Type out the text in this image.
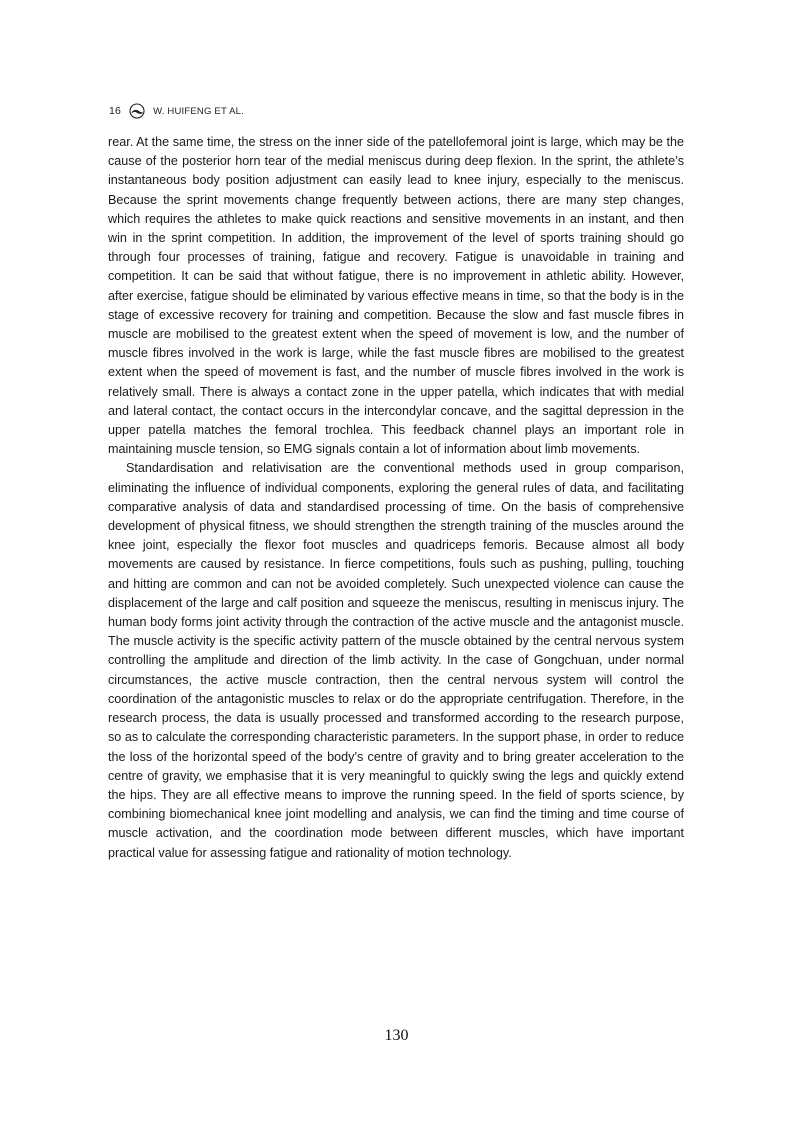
16	W. HUIFENG ET AL.

rear. At the same time, the stress on the inner side of the patellofemoral joint is large, which may be the cause of the posterior horn tear of the medial meniscus during deep flexion. In the sprint, the athlete’s instantaneous body position adjustment can easily lead to knee injury, especially to the meniscus. Because the sprint movements change frequently between actions, there are many step changes, which requires the athletes to make quick reactions and sensitive movements in an instant, and then win in the sprint competition. In addition, the improvement of the level of sports training should go through four processes of training, fatigue and recovery. Fatigue is unavoidable in training and competition. It can be said that without fatigue, there is no improvement in athletic ability. However, after exercise, fatigue should be eliminated by various effective means in time, so that the body is in the stage of excessive recovery for training and competition. Because the slow and fast muscle fibres in muscle are mobilised to the greatest extent when the speed of movement is low, and the number of muscle fibres involved in the work is large, while the fast muscle fibres are mobilised to the greatest extent when the speed of movement is fast, and the number of muscle fibres involved in the work is relatively small. There is always a contact zone in the upper patella, which indicates that with medial and lateral contact, the contact occurs in the intercondylar concave, and the sagittal depression in the upper patella matches the femoral trochlea. This feedback channel plays an important role in maintaining muscle tension, so EMG signals contain a lot of information about limb movements.

Standardisation and relativisation are the conventional methods used in group comparison, eliminating the influence of individual components, exploring the general rules of data, and facilitating comparative analysis of data and standardised processing of time. On the basis of comprehensive development of physical fitness, we should strengthen the strength training of the muscles around the knee joint, especially the flexor foot muscles and quadriceps femoris. Because almost all body movements are caused by resistance. In fierce competitions, fouls such as pushing, pulling, touching and hitting are common and can not be avoided completely. Such unexpected violence can cause the displacement of the large and calf position and squeeze the meniscus, resulting in meniscus injury. The human body forms joint activity through the contraction of the active muscle and the antagonist muscle. The muscle activity is the specific activity pattern of the muscle obtained by the central nervous system controlling the amplitude and direction of the limb activity. In the case of Gongchuan, under normal circumstances, the active muscle contraction, then the central nervous system will control the coordination of the antagonistic muscles to relax or do the appropriate centrifugation. Therefore, in the research process, the data is usually processed and transformed according to the research purpose, so as to calculate the corresponding characteristic parameters. In the support phase, in order to reduce the loss of the horizontal speed of the body’s centre of gravity and to bring greater acceleration to the centre of gravity, we emphasise that it is very meaningful to quickly swing the legs and quickly extend the hips. They are all effective means to improve the running speed. In the field of sports science, by combining biomechanical knee joint modelling and analysis, we can find the timing and time course of muscle activation, and the coordination mode between different muscles, which have important practical value for assessing fatigue and rationality of motion technology.

130
